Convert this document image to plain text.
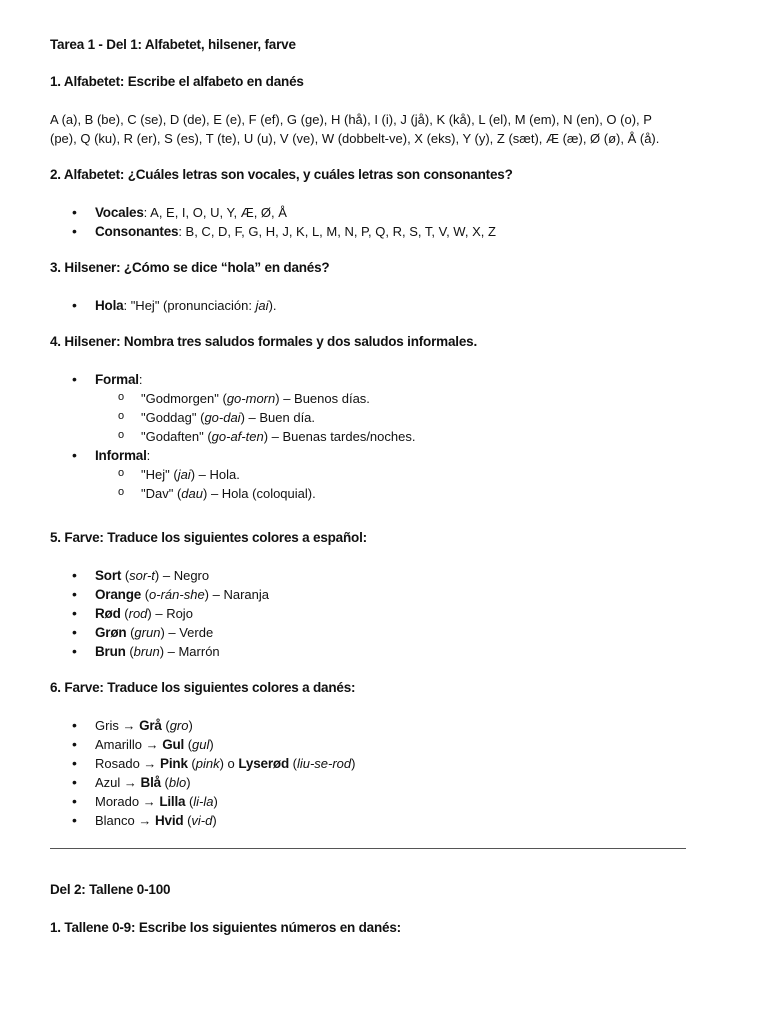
Tarea 1 - Del 1: Alfabetet, hilsener, farve
1. Alfabetet: Escribe el alfabeto en danés
A (a), B (be), C (se), D (de), E (e), F (ef), G (ge), H (hå), I (i), J (jå), K (kå), L (el), M (em), N (en), O (o), P (pe), Q (ku), R (er), S (es), T (te), U (u), V (ve), W (dobbelt-ve), X (eks), Y (y), Z (sæt), Æ (æ), Ø (ø), Å (å).
2. Alfabetet: ¿Cuáles letras son vocales, y cuáles letras son consonantes?
• Vocales: A, E, I, O, U, Y, Æ, Ø, Å
• Consonantes: B, C, D, F, G, H, J, K, L, M, N, P, Q, R, S, T, V, W, X, Z
3. Hilsener: ¿Cómo se dice “hola” en danés?
• Hola: "Hej" (pronunciación: jai).
4. Hilsener: Nombra tres saludos formales y dos saludos informales.
• Formal:
o "Godmorgen" (go-morn) – Buenos días.
o "Goddag" (go-dai) – Buen día.
o "Godaften" (go-af-ten) – Buenas tardes/noches.
• Informal:
o "Hej" (jai) – Hola.
o "Dav" (dau) – Hola (coloquial).
5. Farve: Traduce los siguientes colores a español:
• Sort (sor-t) – Negro
• Orange (o-rán-she) – Naranja
• Rød (rod) – Rojo
• Grøn (grun) – Verde
• Brun (brun) – Marrón
6. Farve: Traduce los siguientes colores a danés:
• Gris → Grå (gro)
• Amarillo → Gul (gul)
• Rosado → Pink (pink) o Lyserød (liu-se-rod)
• Azul → Blå (blo)
• Morado → Lilla (li-la)
• Blanco → Hvid (vi-d)
Del 2: Tallene 0-100
1. Tallene 0-9: Escribe los siguientes números en danés:
